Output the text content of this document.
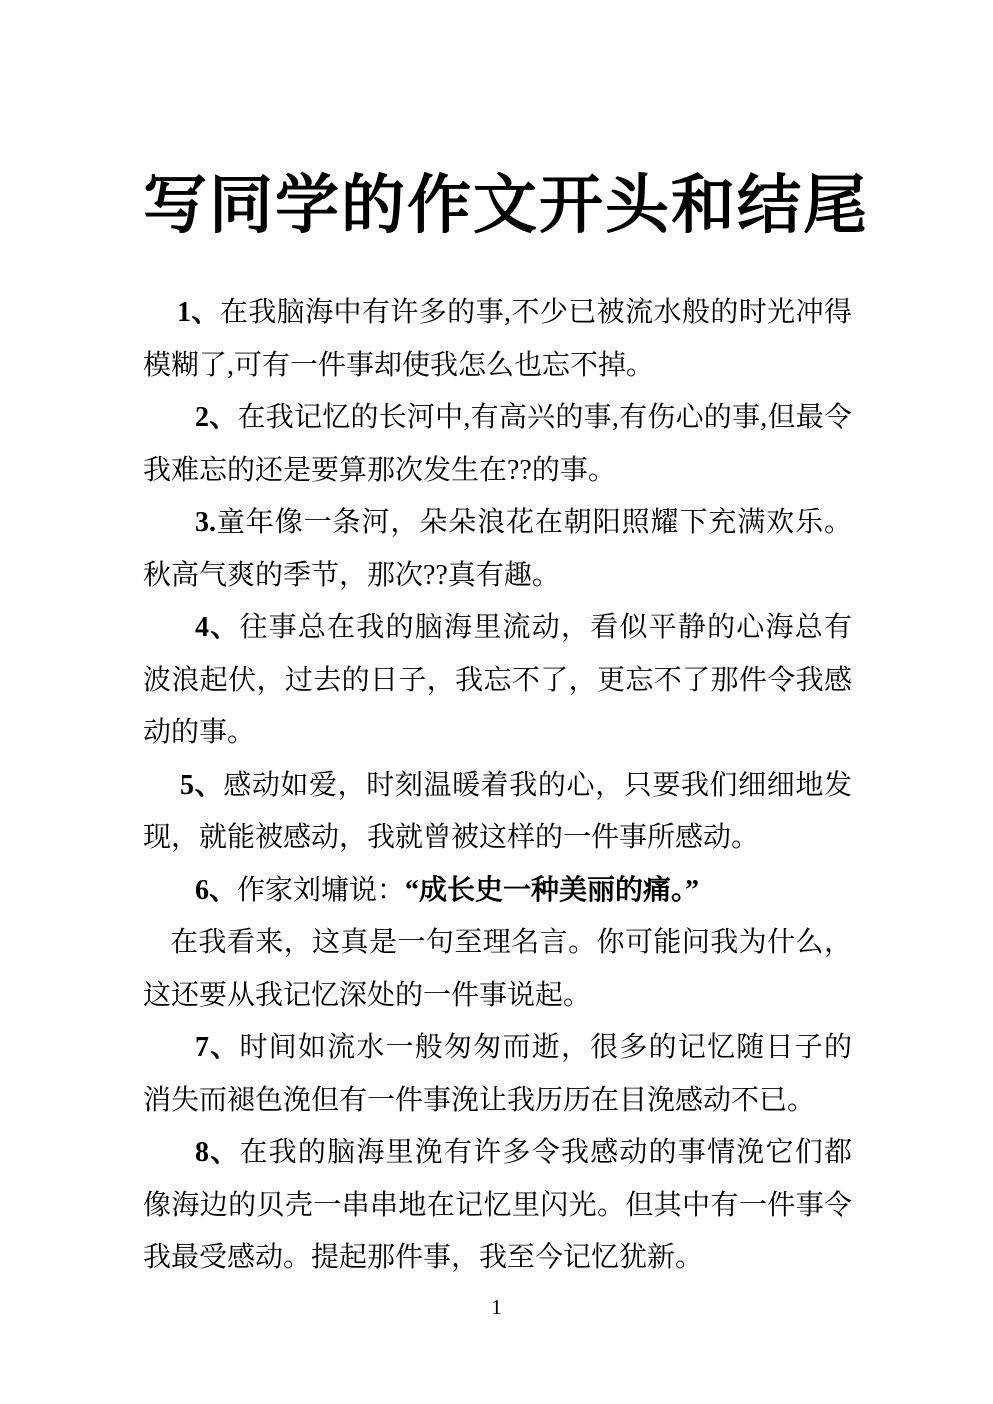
写同学的作文开头和结尾

1、在我脑海中有许多的事,不少已被流水般的时光冲得模糊了,可有一件事却使我怎么也忘不掉。

2、在我记忆的长河中,有高兴的事,有伤心的事,但最令我难忘的还是要算那次发生在??的事。

3.童年像一条河，朵朵浪花在朝阳照耀下充满欢乐。秋高气爽的季节，那次??真有趣。

4、往事总在我的脑海里流动，看似平静的心海总有波浪起伏，过去的日子，我忘不了，更忘不了那件令我感动的事。

5、感动如爱，时刻温暖着我的心，只要我们细细地发现，就能被感动，我就曾被这样的一件事所感动。

6、作家刘墉说：“成长史一种美丽的痛。”

在我看来，这真是一句至理名言。你可能问我为什么，这还要从我记忆深处的一件事说起。

7、时间如流水一般匆匆而逝，很多的记忆随日子的消失而褪色浼但有一件事浼让我历历在目浼感动不已。

8、在我的脑海里浼有许多令我感动的事情浼它们都像海边的贝壳一串串地在记忆里闪光。但其中有一件事令我最受感动。提起那件事，我至今记忆犹新。

1
